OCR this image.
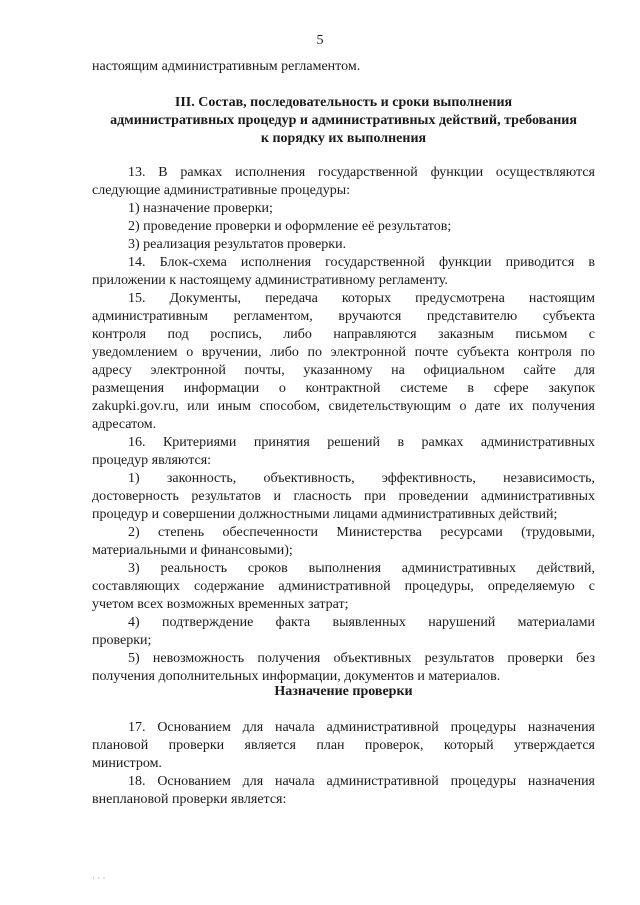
5
настоящим административным регламентом.
III. Состав, последовательность и сроки выполнения
административных процедур и административных действий, требования
к порядку их выполнения
13. В рамках исполнения государственной функции осуществляются
следующие административные процедуры:
1) назначение проверки;
2) проведение проверки и оформление её результатов;
3) реализация результатов проверки.
14. Блок-схема исполнения государственной функции приводится в
приложении к настоящему административному регламенту.
15. Документы, передача которых предусмотрена настоящим
административным регламентом, вручаются представителю субъекта
контроля под роспись, либо направляются заказным письмом с
уведомлением о вручении, либо по электронной почте субъекта контроля по
адресу электронной почты, указанному на официальном сайте для
размещения информации о контрактной системе в сфере закупок
zakupki.gov.ru, или иным способом, свидетельствующим о дате их получения
адресатом.
16. Критериями принятия решений в рамках административных
процедур являются:
1) законность, объективность, эффективность, независимость,
достоверность результатов и гласность при проведении административных
процедур и совершении должностными лицами административных действий;
2) степень обеспеченности Министерства ресурсами (трудовыми,
материальными и финансовыми);
3) реальность сроков выполнения административных действий,
составляющих содержание административной процедуры, определяемую с
учетом всех возможных временных затрат;
4) подтверждение факта выявленных нарушений материалами
проверки;
5) невозможность получения объективных результатов проверки без
получения дополнительных информации, документов и материалов.
Назначение проверки
17. Основанием для начала административной процедуры назначения
плановой проверки является план проверок, который утверждается
министром.
18. Основанием для начала административной процедуры назначения
внеплановой проверки является:
· · ·
